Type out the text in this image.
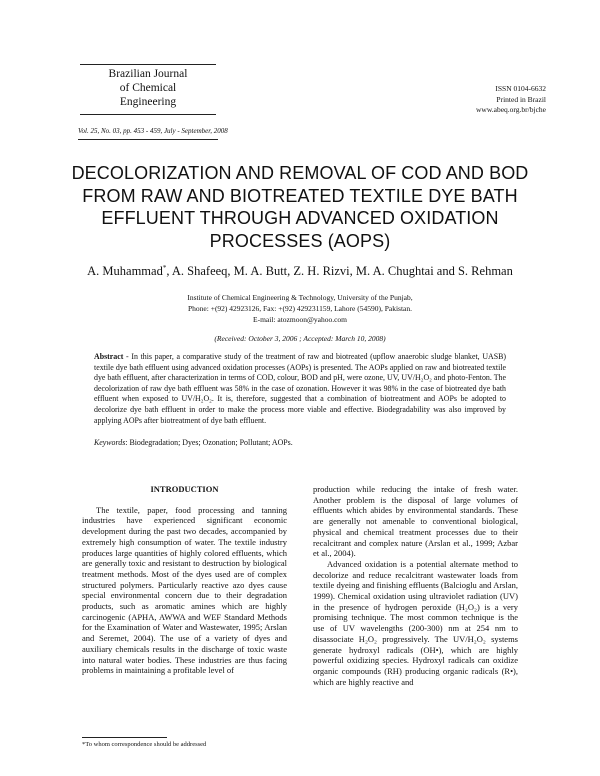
Brazilian Journal
of Chemical
Engineering
ISSN 0104-6632
Printed in Brazil
www.abeq.org.br/bjche
Vol. 25, No. 03, pp. 453 - 459, July - September, 2008
DECOLORIZATION AND REMOVAL OF COD AND BOD FROM RAW AND BIOTREATED TEXTILE DYE BATH EFFLUENT THROUGH ADVANCED OXIDATION PROCESSES (AOPS)
A. Muhammad*, A. Shafeeq, M. A. Butt, Z. H. Rizvi, M. A. Chughtai and S. Rehman
Institute of Chemical Engineering & Technology, University of the Punjab,
Phone: +(92) 42923126, Fax: +(92) 429231159, Lahore (54590), Pakistan.
E-mail: atozmoon@yahoo.com
(Received: October 3, 2006 ; Accepted: March 10, 2008)
Abstract - In this paper, a comparative study of the treatment of raw and biotreated (upflow anaerobic sludge blanket, UASB) textile dye bath effluent using advanced oxidation processes (AOPs) is presented. The AOPs applied on raw and biotreated textile dye bath effluent, after characterization in terms of COD, colour, BOD and pH, were ozone, UV, UV/H₂O₂ and photo-Fenton. The decolorization of raw dye bath effluent was 58% in the case of ozonation. However it was 98% in the case of biotreated dye bath effluent when exposed to UV/H₂O₂. It is, therefore, suggested that a combination of biotreatment and AOPs be adopted to decolorize dye bath effluent in order to make the process more viable and effective. Biodegradability was also improved by applying AOPs after biotreatment of dye bath effluent.
Keywords: Biodegradation; Dyes; Ozonation; Pollutant; AOPs.
INTRODUCTION

The textile, paper, food processing and tanning industries have experienced significant economic development during the past two decades, accompanied by extremely high consumption of water. The textile industry produces large quantities of highly colored effluents, which are generally toxic and resistant to destruction by biological treatment methods. Most of the dyes used are of complex structured polymers. Particularly reactive azo dyes cause special environmental concern due to their degradation products, such as aromatic amines which are highly carcinogenic (APHA, AWWA and WEF Standard Methods for the Examination of Water and Wastewater, 1995; Arslan and Seremet, 2004). The use of a variety of dyes and auxiliary chemicals results in the discharge of toxic waste into natural water bodies. These industries are thus facing problems in maintaining a profitable level of

production while reducing the intake of fresh water. Another problem is the disposal of large volumes of effluents which abides by environmental standards. These are generally not amenable to conventional biological, physical and chemical treatment processes due to their recalcitrant and complex nature (Arslan et al., 1999; Azbar et al., 2004).

Advanced oxidation is a potential alternate method to decolorize and reduce recalcitrant wastewater loads from textile dyeing and finishing effluents (Balcioglu and Arslan, 1999). Chemical oxidation using ultraviolet radiation (UV) in the presence of hydrogen peroxide (H₂O₂) is a very promising technique. The most common technique is the use of UV wavelengths (200-300) nm at 254 nm to disassociate H₂O₂ progressively. The UV/H₂O₂ systems generate hydroxyl radicals (OH•), which are highly powerful oxidizing species. Hydroxyl radicals can oxidize organic compounds (RH) producing organic radicals (R•), which are highly reactive and

*To whom correspondence should be addressed
